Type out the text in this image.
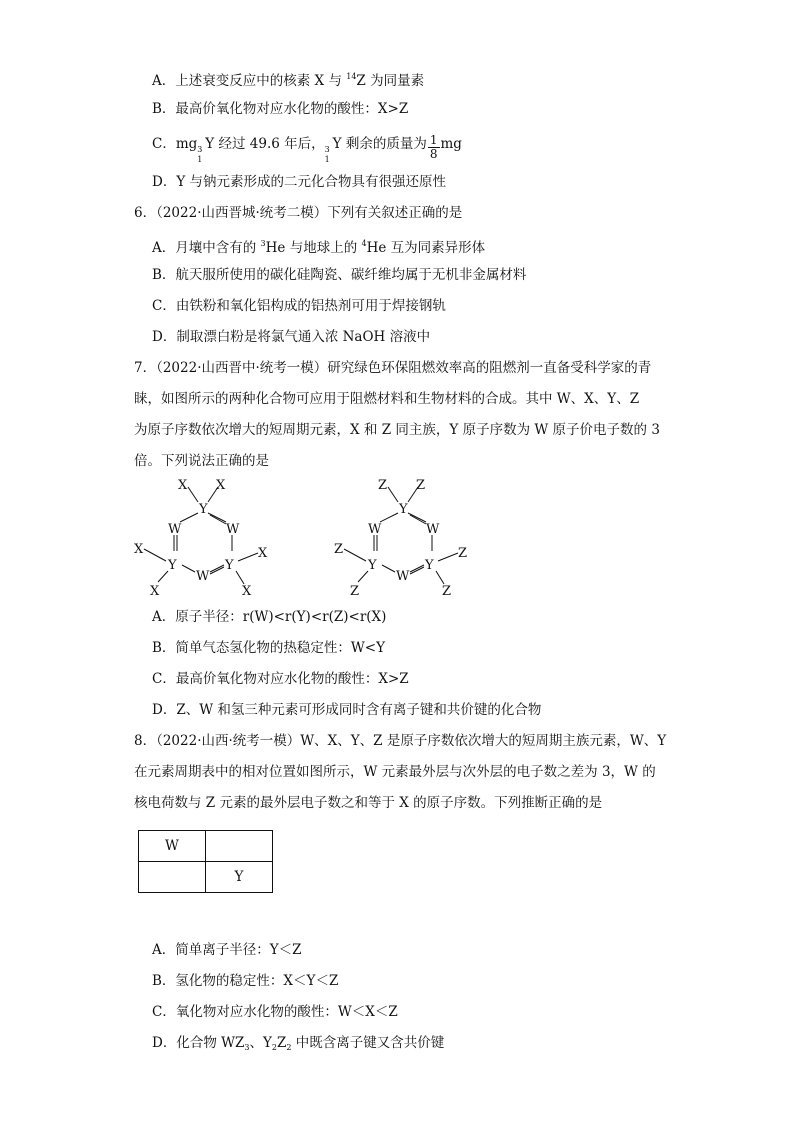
A．上述衰变反应中的核素 X 与 $^{14}$Z 为同量素
B．最高价氧化物对应水化物的酸性：X>Z
C．mg 3
1
Y 经过 49.6 年后， 3
1
Y 剩余的质量为 $\frac{1}{8}$ mg
D．Y 与钠元素形成的二元化合物具有很强还原性
6．（2022·山西晋城·统考二模）下列有关叙述正确的是
A．月壤中含有的 $^3$He 与地球上的 $^4$He 互为同素异形体
B．航天服所使用的碳化硅陶瓷、碳纤维均属于无机非金属材料
C．由铁粉和氧化铝构成的铝热剂可用于焊接钢轨
D．制取漂白粉是将氯气通入浓 NaOH 溶液中
7．（2022·山西晋中·统考一模）研究绿色环保阻燃效率高的阻燃剂一直备受科学家的青
睐，如图所示的两种化合物可应用于阻燃材料和生物材料的合成。其中 W、X、Y、Z
为原子序数依次增大的短周期元素，X 和 Z 同主族，Y 原子序数为 W 原子价电子数的 3
倍。下列说法正确的是
X X
Y
W	W
X
Y
W
Y
X
X	X
Z Z
Y
W	W
Z
Y
W
Y
Z
Z	Z
A．原子半径：r(W)<r(Y)<r(Z)<r(X)
B．简单气态氢化物的热稳定性：W<Y
C．最高价氧化物对应水化物的酸性：X>Z
D．Z、W 和氢三种元素可形成同时含有离子键和共价键的化合物
8．（2022·山西·统考一模）W、X、Y、Z 是原子序数依次增大的短周期主族元素，W、Y
在元素周期表中的相对位置如图所示，W 元素最外层与次外层的电子数之差为 3，W 的
核电荷数与 Z 元素的最外层电子数之和等于 X 的原子序数。下列推断正确的是
W	
	Y
A．简单离子半径：Y＜Z
B．氢化物的稳定性：X＜Y＜Z
C．氧化物对应水化物的酸性：W＜X＜Z
D．化合物 $WZ_3$、$Y_2Z_2$ 中既含离子键又含共价键
